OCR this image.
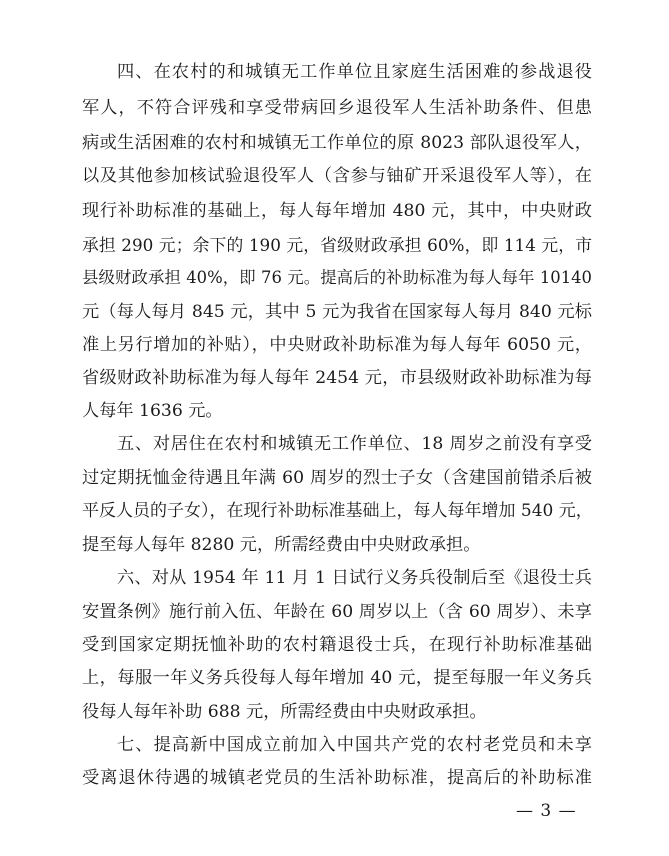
四、在农村的和城镇无工作单位且家庭生活困难的参战退役
军人，不符合评残和享受带病回乡退役军人生活补助条件、但患
病或生活困难的农村和城镇无工作单位的原 8023 部队退役军人，
以及其他参加核试验退役军人（含参与铀矿开采退役军人等），在
现行补助标准的基础上，每人每年增加 480 元，其中，中央财政
承担 290 元；余下的 190 元，省级财政承担 60%，即 114 元，市
县级财政承担 40%，即 76 元。提高后的补助标准为每人每年 10140
元（每人每月 845 元，其中 5 元为我省在国家每人每月 840 元标
准上另行增加的补贴），中央财政补助标准为每人每年 6050 元，
省级财政补助标准为每人每年 2454 元，市县级财政补助标准为每
人每年 1636 元。
五、对居住在农村和城镇无工作单位、18 周岁之前没有享受
过定期抚恤金待遇且年满 60 周岁的烈士子女（含建国前错杀后被
平反人员的子女），在现行补助标准基础上，每人每年增加 540 元，
提至每人每年 8280 元，所需经费由中央财政承担。
六、对从 1954 年 11 月 1 日试行义务兵役制后至《退役士兵
安置条例》施行前入伍、年龄在 60 周岁以上（含 60 周岁）、未享
受到国家定期抚恤补助的农村籍退役士兵，在现行补助标准基础
上，每服一年义务兵役每人每年增加 40 元，提至每服一年义务兵
役每人每年补助 688 元，所需经费由中央财政承担。
七、提高新中国成立前加入中国共产党的农村老党员和未享
受离退休待遇的城镇老党员的生活补助标准，提高后的补助标准
— 3 —
